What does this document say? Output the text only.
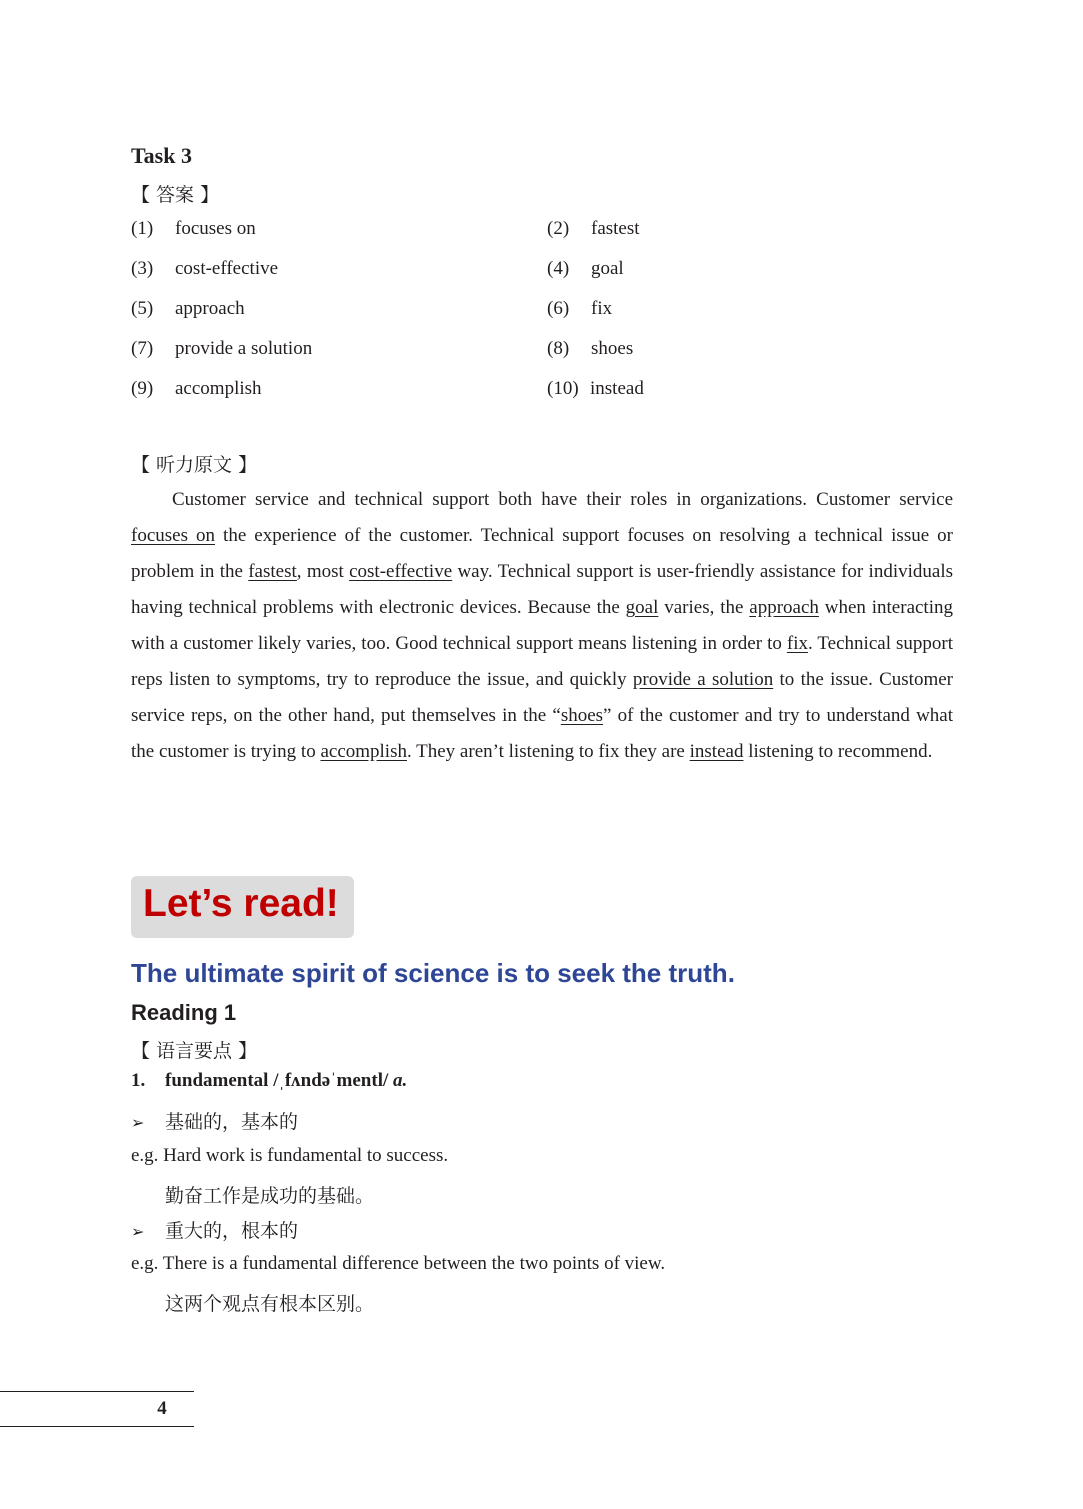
Task 3
【 答案 】
(1)	focuses on	(2)	fastest
(3)	cost-effective	(4)	goal
(5)	approach	(6)	fix
(7)	provide a solution	(8)	shoes
(9)	accomplish	(10) instead
【 听力原文 】

Customer service and technical support both have their roles in organizations. Customer service focuses on the experience of the customer. Technical support focuses on resolving a technical issue or problem in the fastest, most cost-effective way. Technical support is user-friendly assistance for individuals having technical problems with electronic devices. Because the goal varies, the approach when interacting with a customer likely varies, too. Good technical support means listening in order to fix. Technical support reps listen to symptoms, try to reproduce the issue, and quickly provide a solution to the issue. Customer service reps, on the other hand, put themselves in the “shoes” of the customer and try to understand what the customer is trying to accomplish. They aren’t listening to fix they are instead listening to recommend.

Let’s read!
The ultimate spirit of science is to seek the truth.
Reading 1
【 语言要点 】
1. fundamental /ˌfʌndəˈmentl/ a.
➢ 基础的，基本的
e.g. Hard work is fundamental to success.
勤奋工作是成功的基础。
➢ 重大的，根本的
e.g. There is a fundamental difference between the two points of view.
这两个观点有根本区别。
4
